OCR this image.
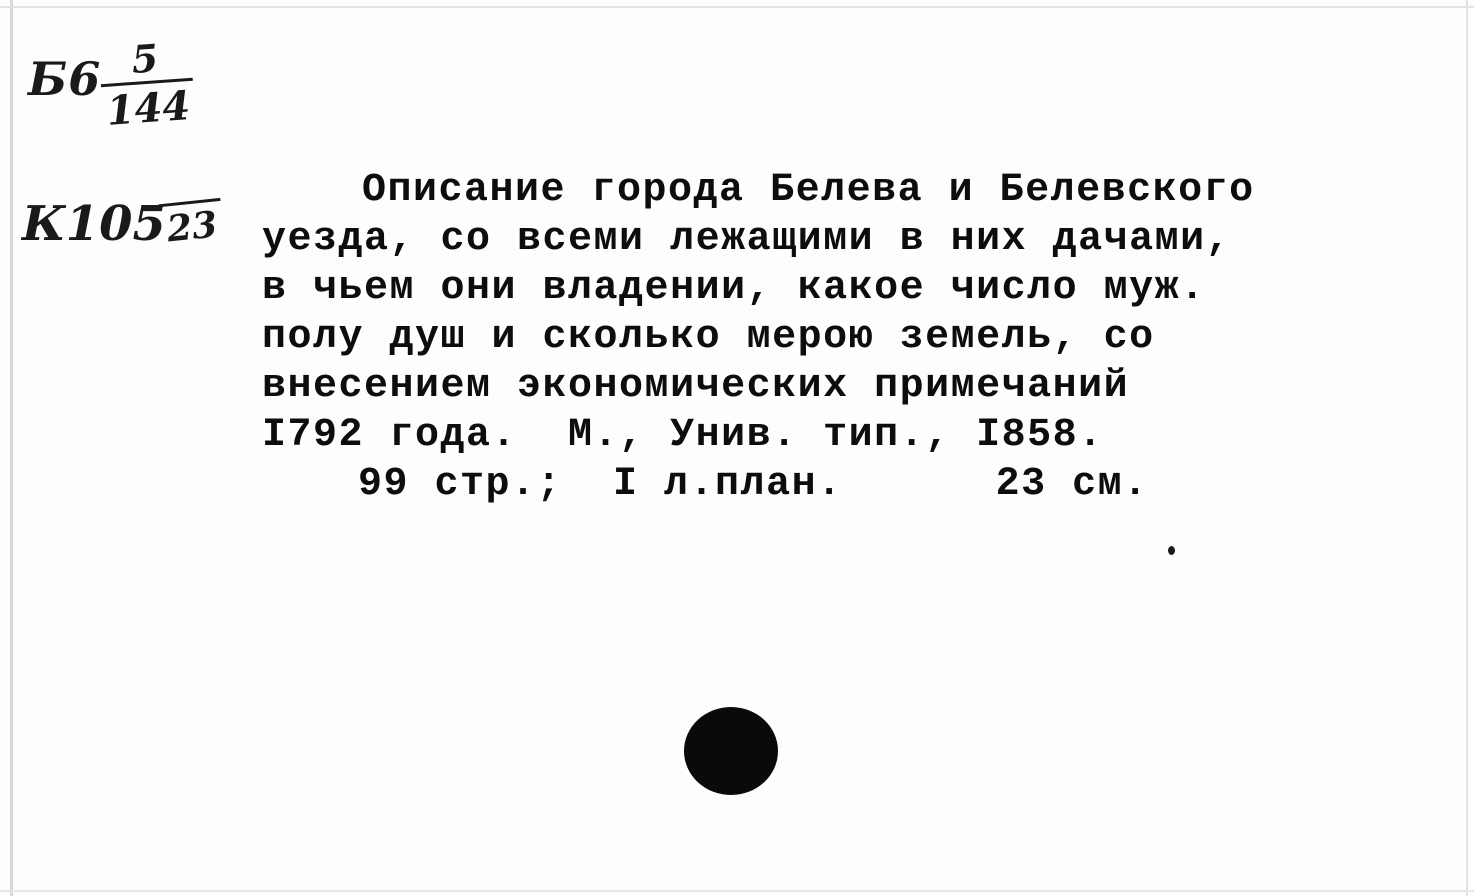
Б6 5
144
К105
23
Описание города Белева и Белевского
уезда, со всеми лежащими в них дачами,
в чьем они владении, какое число муж.
полу душ и сколько мерою земель, со
внесением экономических примечаний
I792 года.  М., Унив. тип., I858.
99 стр.;  I л.план.      23 см.
